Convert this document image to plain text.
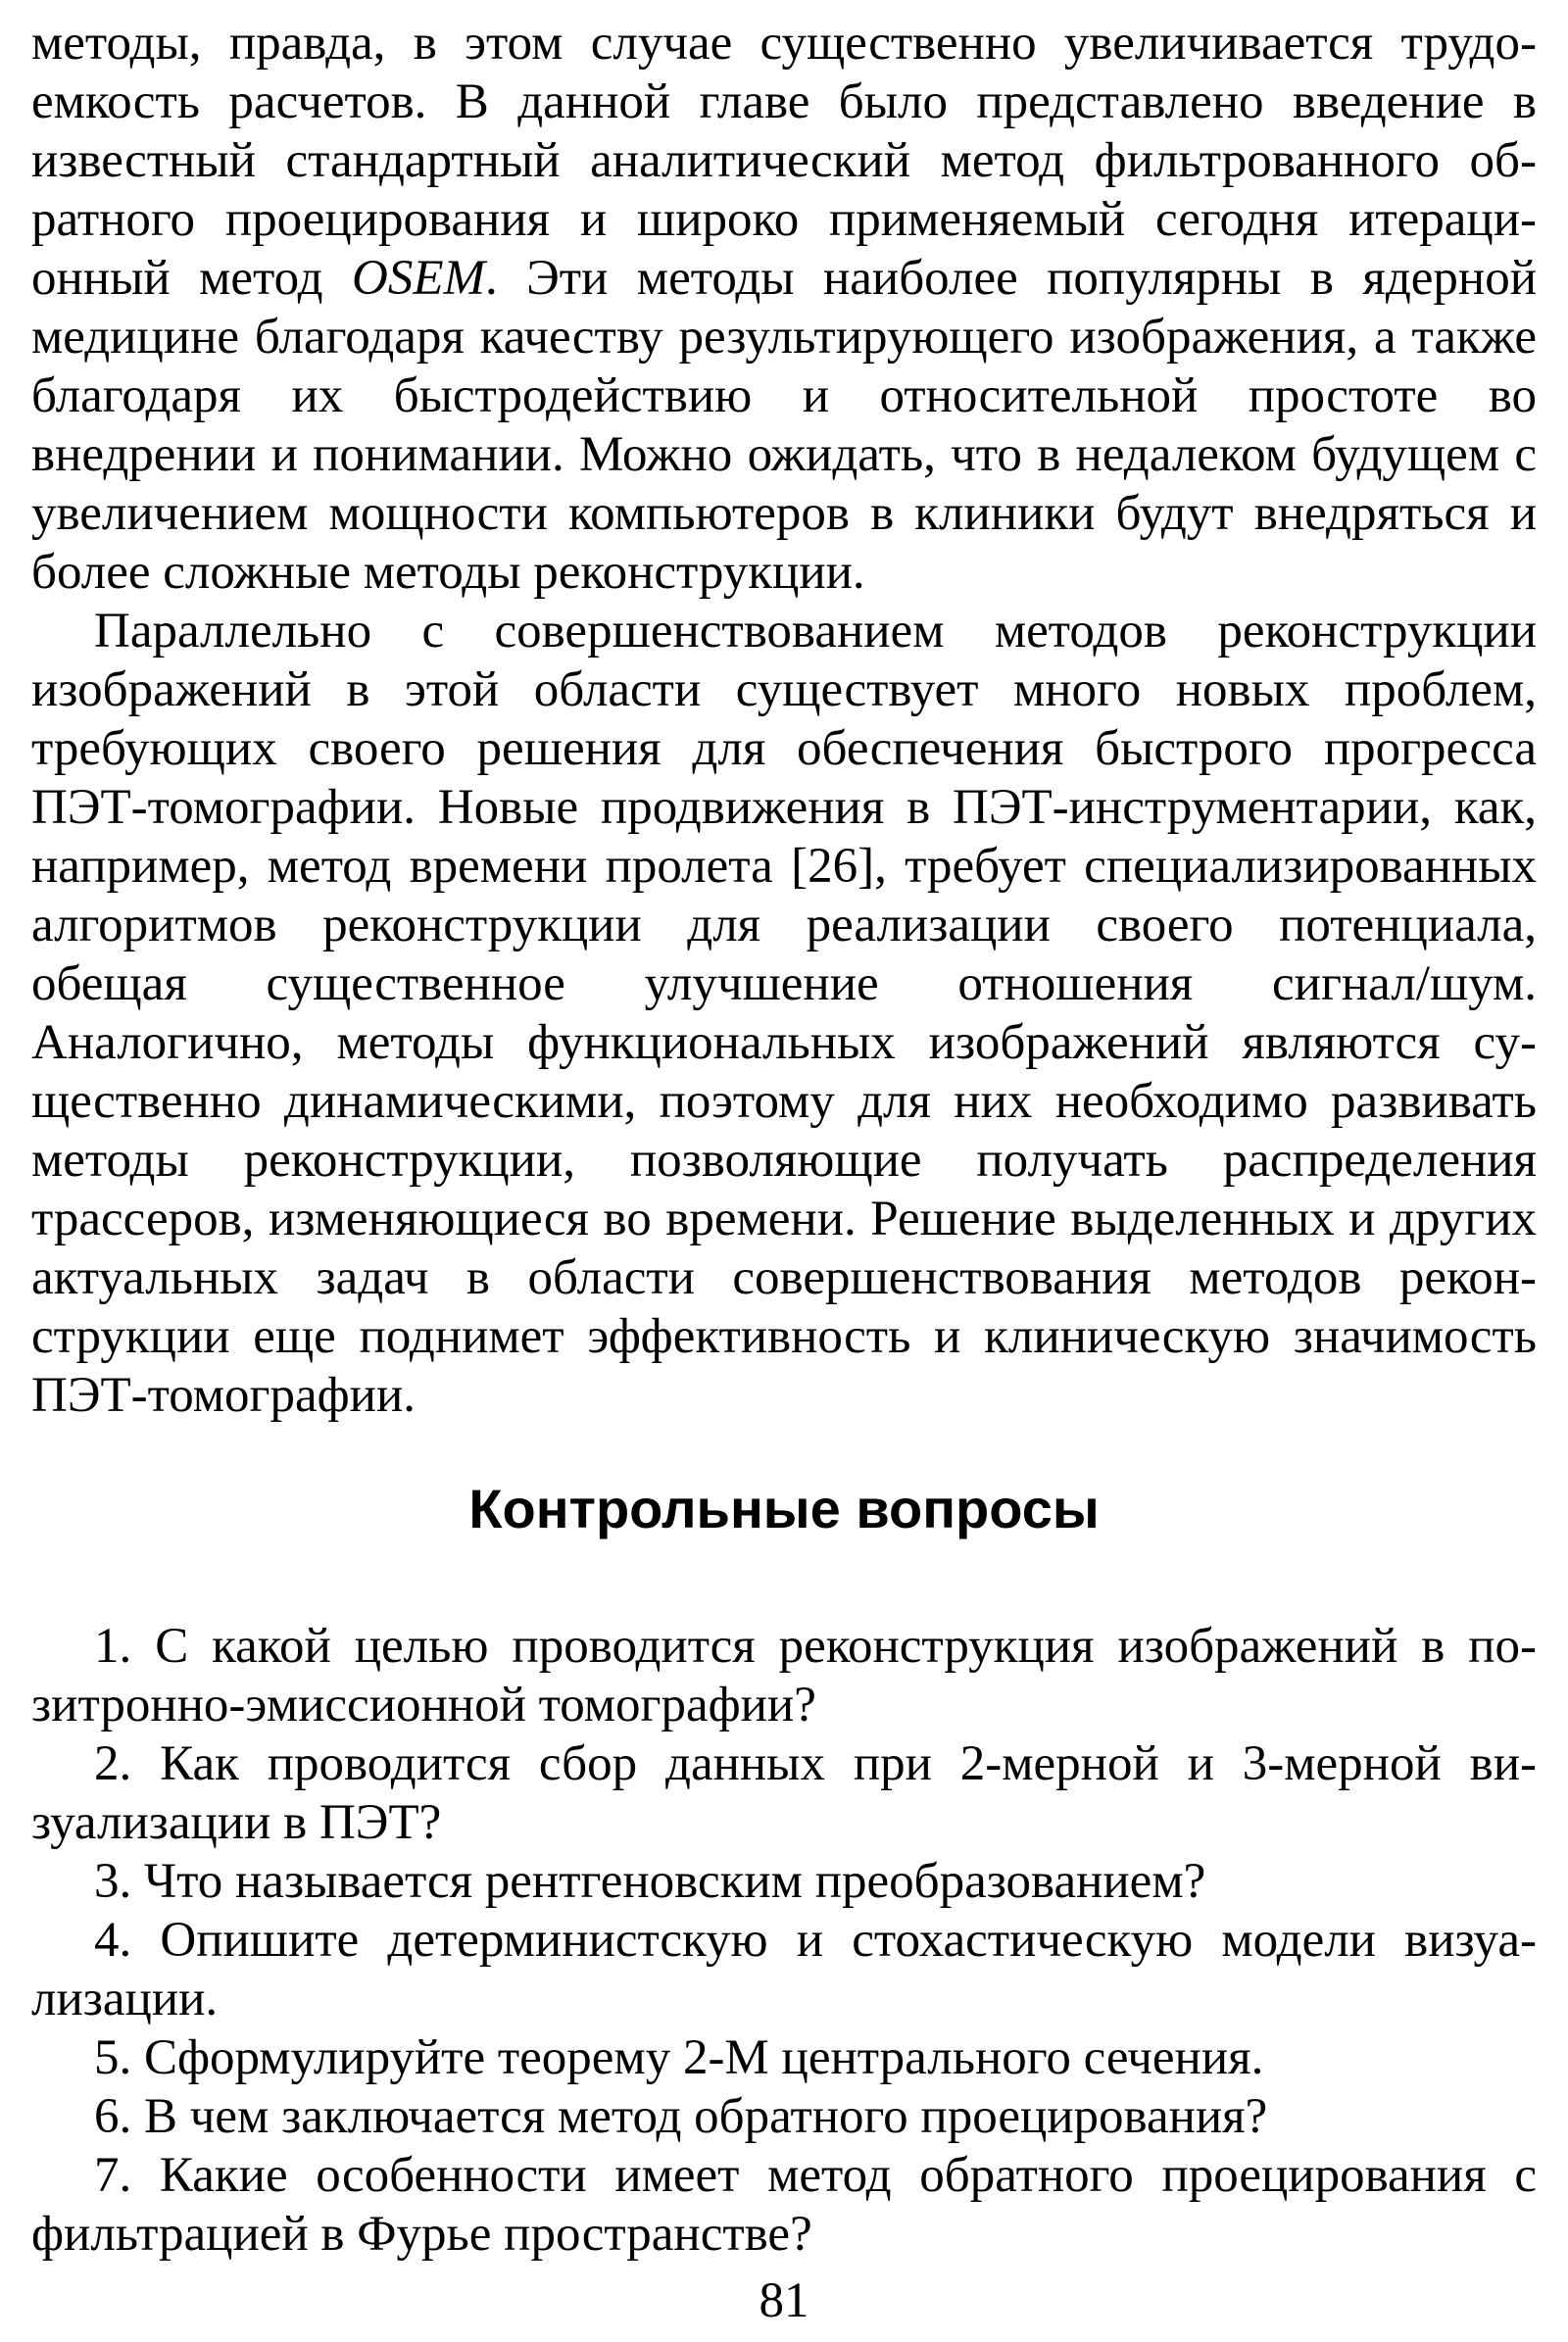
методы, правда, в этом случае существенно увеличивается трудоемкость расчетов. В данной главе было представлено введение в известный стандартный аналитический метод фильтрованного обратного проецирования и широко применяемый сегодня итерационный метод OSEM. Эти методы наиболее популярны в ядерной медицине благодаря качеству результирующего изображения, а также благодаря их быстродействию и относительной простоте во внедрении и понимании. Можно ожидать, что в недалеком будущем с увеличением мощности компьютеров в клиники будут внедряться и более сложные методы реконструкции.

Параллельно с совершенствованием методов реконструкции изображений в этой области существует много новых проблем, требующих своего решения для обеспечения быстрого прогресса ПЭТ-томографии. Новые продвижения в ПЭТ-инструментарии, как, например, метод времени пролета [26], требует специализированных алгоритмов реконструкции для реализации своего потенциала, обещая существенное улучшение отношения сигнал/шум. Аналогично, методы функциональных изображений являются существенно динамическими, поэтому для них необходимо развивать методы реконструкции, позволяющие получать распределения трассеров, изменяющиеся во времени. Решение выделенных и других актуальных задач в области совершенствования методов реконструкции еще поднимет эффективность и клиническую значимость ПЭТ-томографии.

Контрольные вопросы
1. С какой целью проводится реконструкция изображений в позитронно-эмиссионной томографии?
2. Как проводится сбор данных при 2-мерной и 3-мерной визуализации в ПЭТ?
3. Что называется рентгеновским преобразованием?
4. Опишите детерминистскую и стохастическую модели визуализации.
5. Сформулируйте теорему 2-М центрального сечения.
6. В чем заключается метод обратного проецирования?
7. Какие особенности имеет метод обратного проецирования с фильтрацией в Фурье пространстве?
81
